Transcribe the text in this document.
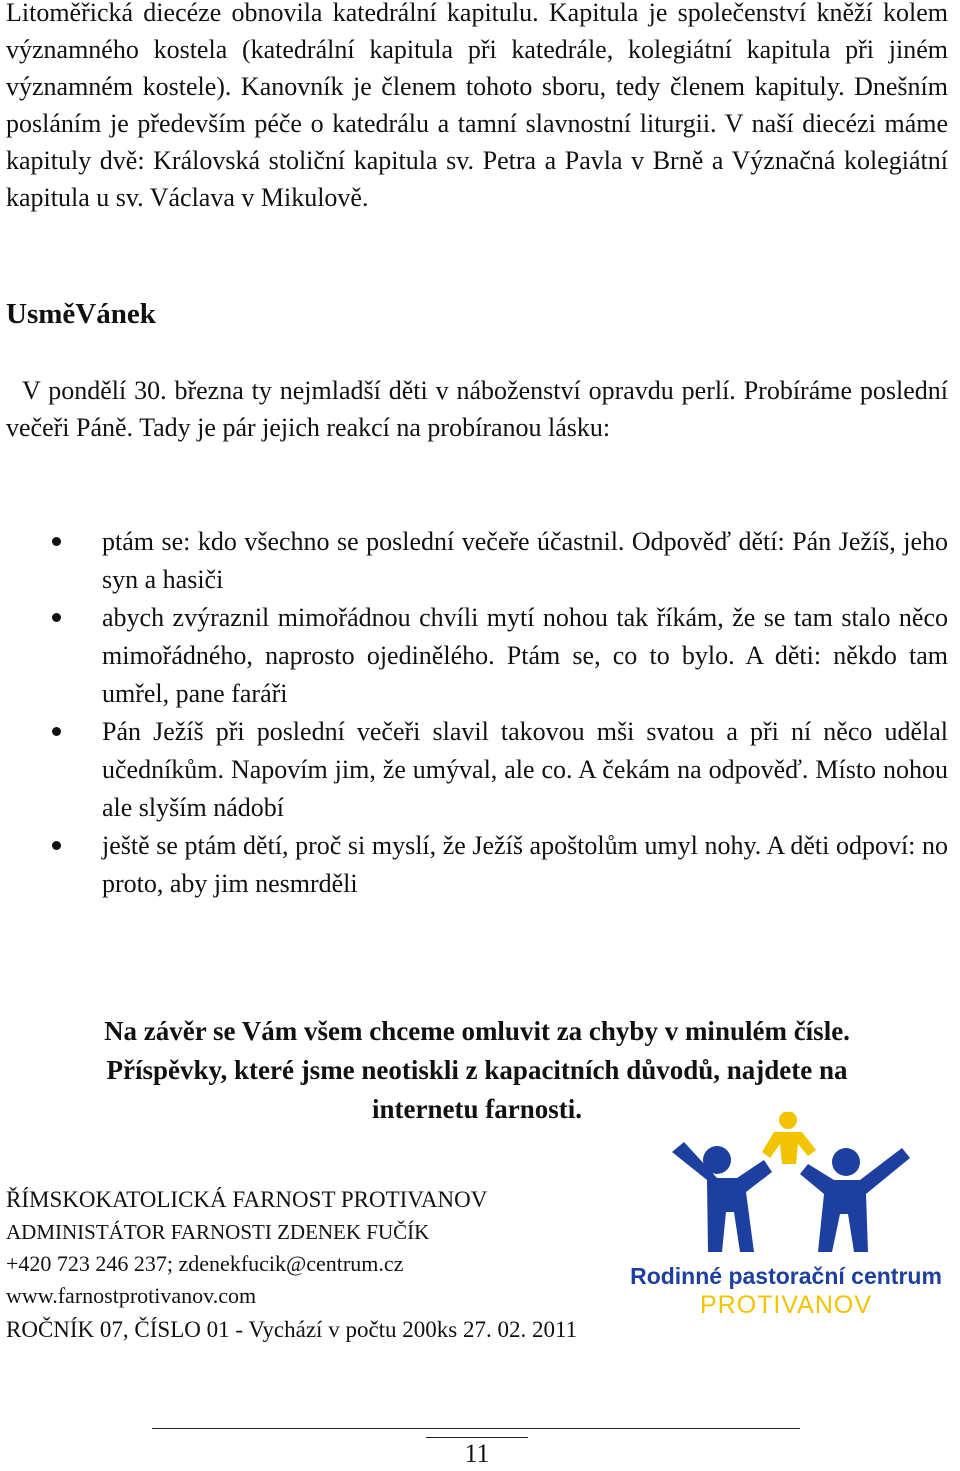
Litoměřická diecéze obnovila katedrální kapitulu. Kapitula je společenství kněží kolem významného kostela (katedrální kapitula při katedrále, kolegiátní kapitula při jiném významném kostele). Kanovník je členem tohoto sboru, tedy členem kapituly. Dnešním posláním je především péče o katedrálu a tamní slavnostní liturgii. V naší diecézi máme kapituly dvě: Královská stoliční kapitula sv. Petra a Pavla v Brně a Význačná kolegiátní kapitula u sv. Václava v Mikulově.

UsměVánek

V pondělí 30. března ty nejmladší děti v náboženství opravdu perlí. Probíráme poslední večeři Páně. Tady je pár jejich reakcí na probíranou lásku:

ptám se: kdo všechno se poslední večeře účastnil. Odpověď dětí: Pán Ježíš, jeho syn a hasiči
abych zvýraznil mimořádnou chvíli mytí nohou tak říkám, že se tam stalo něco mimořádného, naprosto ojedinělého. Ptám se, co to bylo. A děti: někdo tam umřel, pane faráři
Pán Ježíš při poslední večeři slavil takovou mši svatou a při ní něco udělal učedníkům. Napovím jim, že umýval, ale co. A čekám na odpověď. Místo nohou ale slyším nádobí
ještě se ptám dětí, proč si myslí, že Ježíš apoštolům umyl nohy. A děti odpoví: no proto, aby jim nesmrděli
Na závěr se Vám všem chceme omluvit za chyby v minulém čísle.
Příspěvky, které jsme neotiskli z kapacitních důvodů, najdete na
internetu farnosti.
ŘÍMSKOKATOLICKÁ FARNOST PROTIVANOV
ADMINISTÁTOR FARNOSTI ZDENEK FUČÍK
+420 723 246 237; zdenekfucik@centrum.cz
www.farnostprotivanov.com
ROČNÍK 07, ČÍSLO 01 - Vychází v počtu 200ks 27. 02. 2011
Rodinné pastorační centrum
PROTIVANOV
11
